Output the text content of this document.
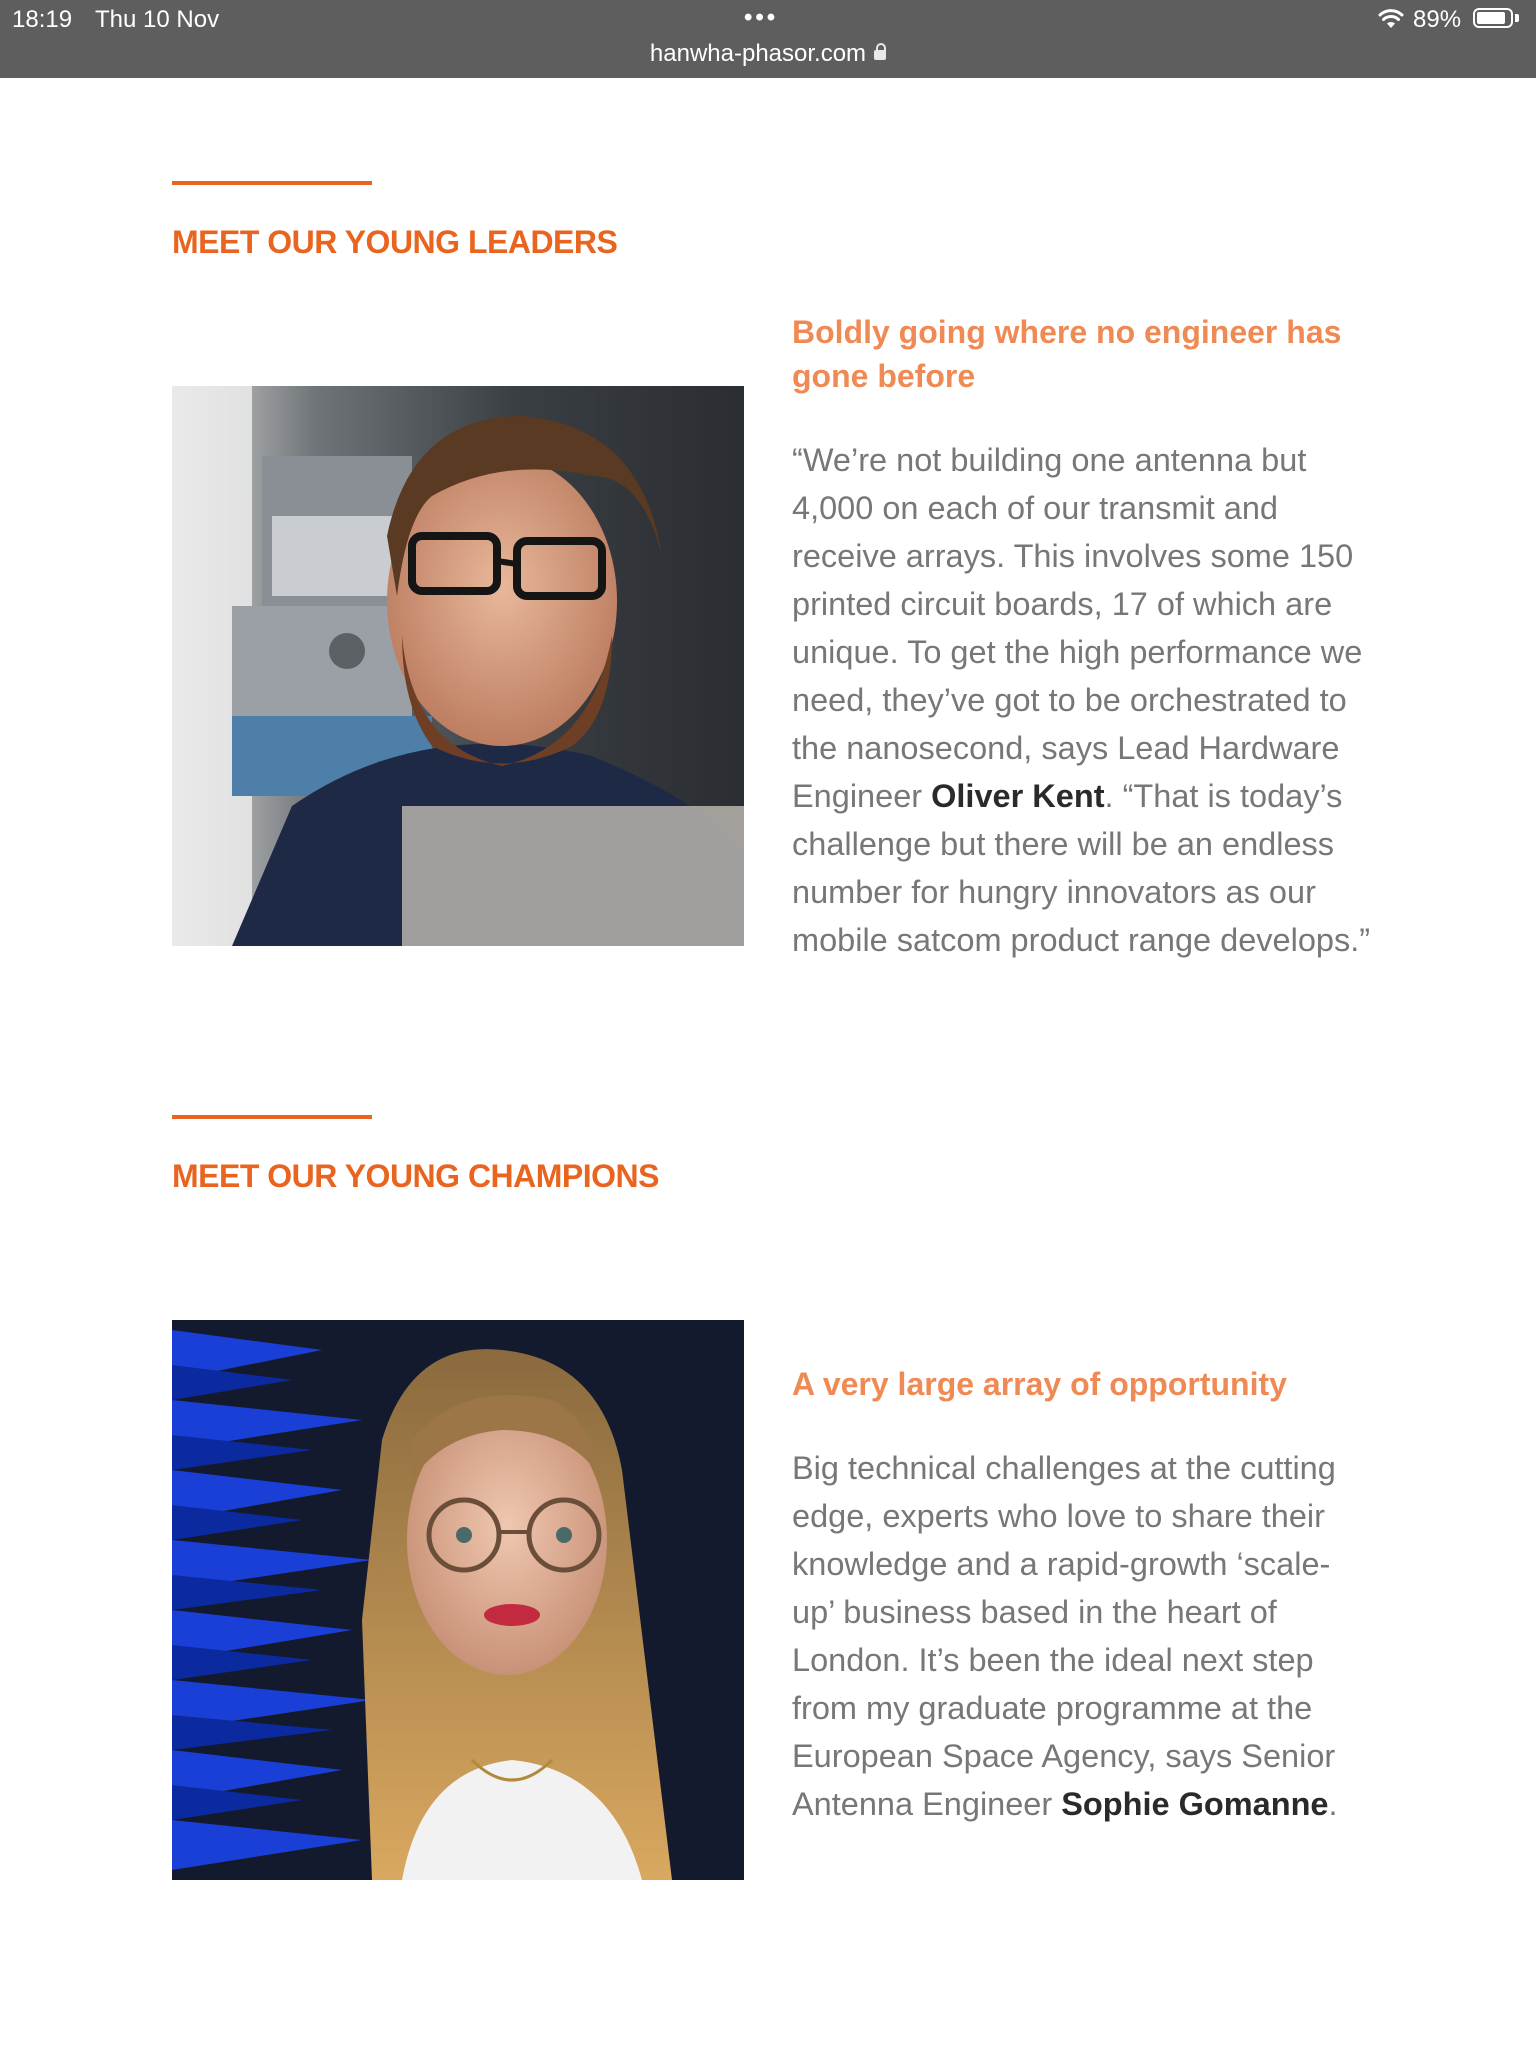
18:19 Thu 10 Nov	•••
hanwha-phasor.com
89%
MEET OUR YOUNG LEADERS
Boldly going where no engineer has gone before
“We’re not building one antenna but 4,000 on each of our transmit and receive arrays. This involves some 150 printed circuit boards, 17 of which are unique. To get the high performance we need, they’ve got to be orchestrated to the nanosecond, says Lead Hardware Engineer Oliver Kent. “That is today’s challenge but there will be an endless number for hungry innovators as our mobile satcom product range develops.”
MEET OUR YOUNG CHAMPIONS
A very large array of opportunity
Big technical challenges at the cutting edge, experts who love to share their knowledge and a rapid-growth ‘scale-up’ business based in the heart of London. It’s been the ideal next step from my graduate programme at the European Space Agency, says Senior Antenna Engineer Sophie Gomanne.
